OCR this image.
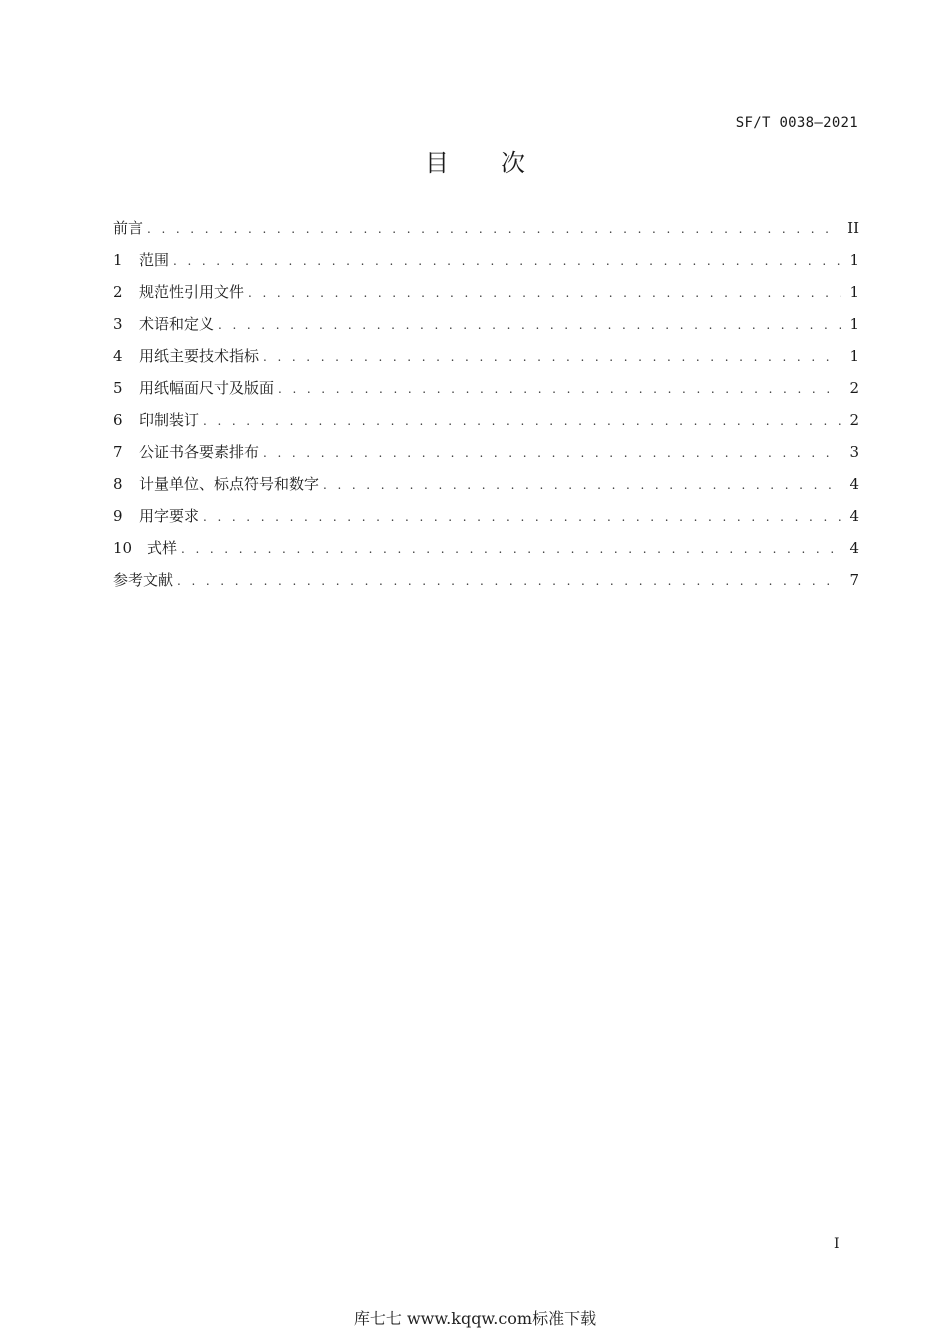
SF/T 0038—2021
目次
前言 . . .	II
1	范围 . . .	1
2	规范性引用文件 . . .	1
3	术语和定义 . . .	1
4	用纸主要技术指标 . . .	1
5	用纸幅面尺寸及版面 . . .	2
6	印制装订 . . .	2
7	公证书各要素排布 . . .	3
8	计量单位、标点符号和数字 . . .	4
9	用字要求 . . .	4
10 式样 . . .	4
参考文献 . . .	7
I
库七七 www.kqqw.com标准下载
